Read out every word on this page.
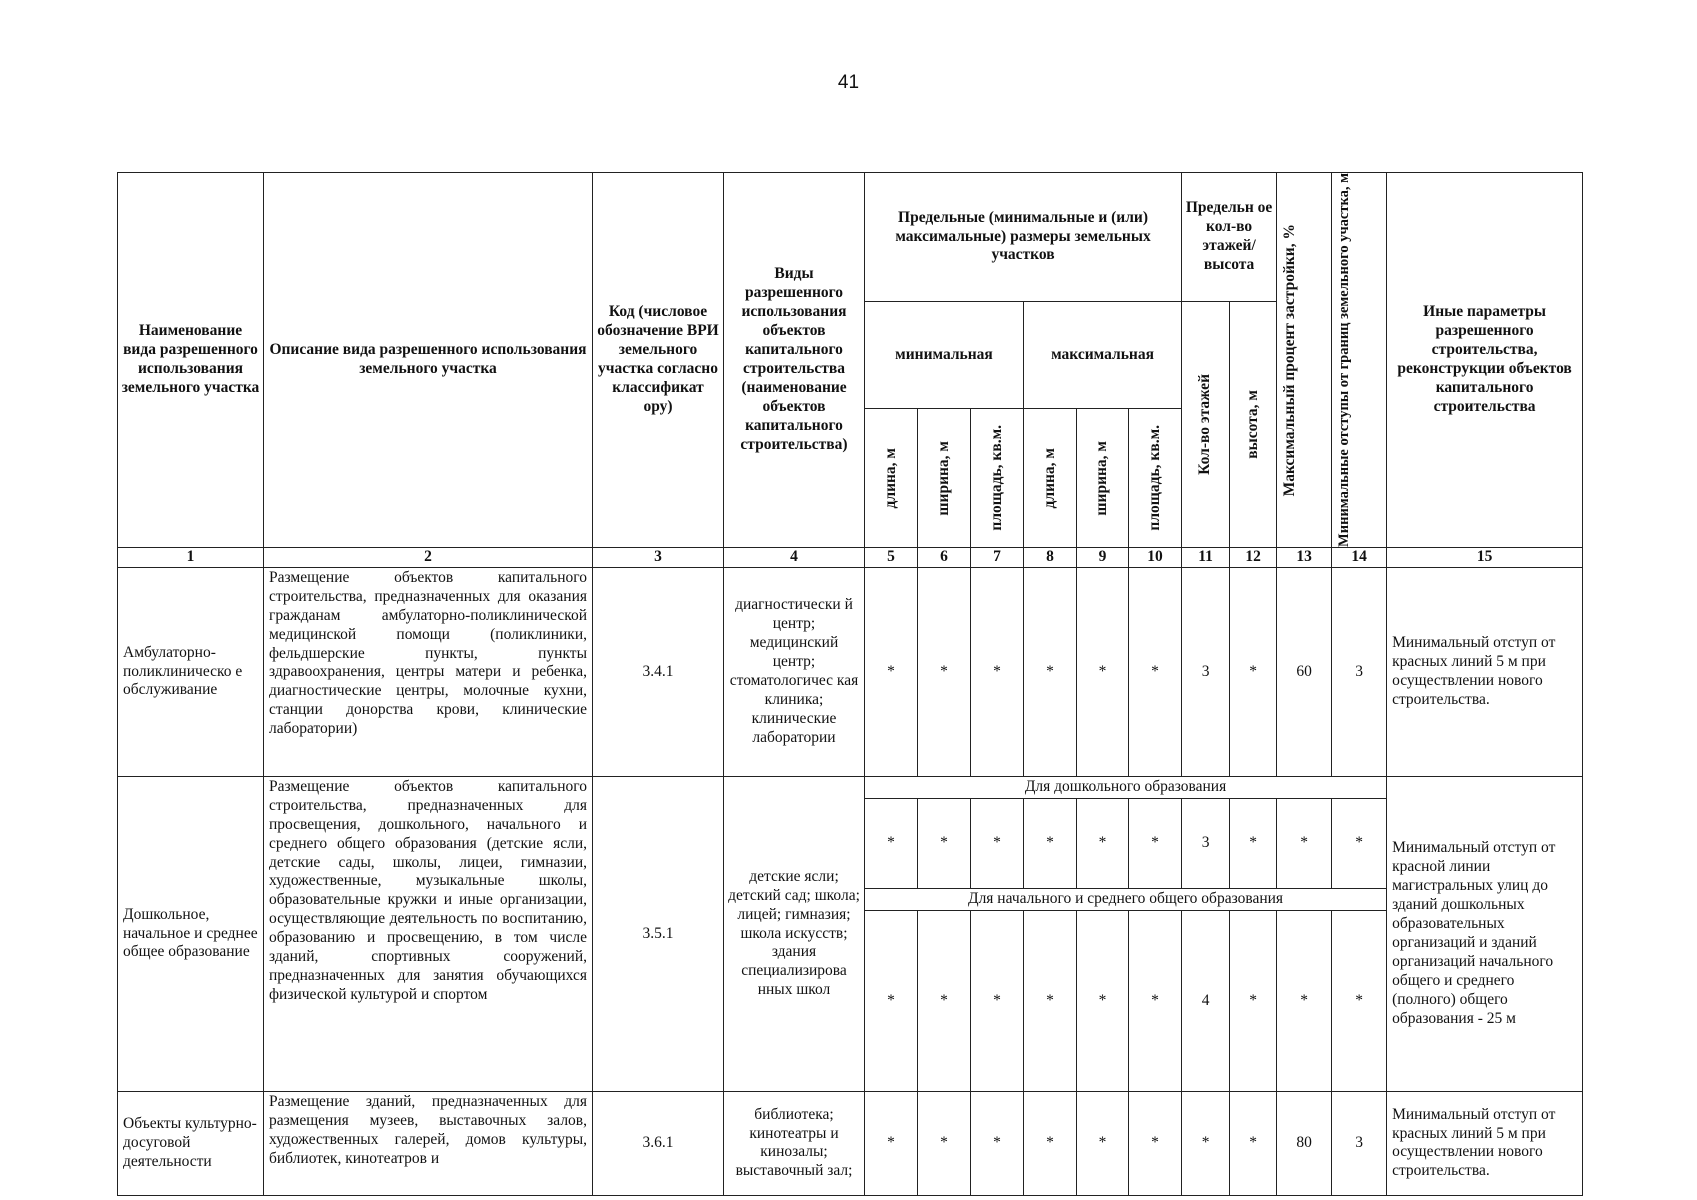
41
Наименование вида разрешенного использования земельного участка	Описание вида разрешенного использования земельного участка	Код (числовое обозначение ВРИ земельного участка согласно классификат ору)	Виды разрешенного использования объектов капитального строительства (наименование объектов капитального строительства)	Предельные (минимальные и (или) максимальные) размеры земельных участков						Предельн ое кол-во этажей/ высота		Максимальный процент застройки, %	Минимальные отступы от границ земельного участка, м	Иные параметры разрешенного строительства, реконструкции объектов капитального строительства
				минимальная			максимальная			Кол-во этажей	высота, м			

				длина, м	ширина, м	площадь, кв.м.	длина, м	ширина, м	площадь, кв.м.					

1	2	3	4	5	6	7	8	9	10	11	12	13	14	15
Амбулаторно-поликлиническо е обслуживание	Размещение объектов капитального строительства, предназначенных для оказания гражданам амбулаторно-поликлинической медицинской помощи (поликлиники, фельдшерские пункты, пункты здравоохранения, центры матери и ребенка, диагностические центры, молочные кухни, станции донорства крови, клинические лаборатории)	3.4.1	диагностически й центр; медицинский центр; стоматологичес кая клиника; клинические лаборатории	*	*	*	*	*	*	3	*	60	3	Минимальный отступ от красных линий 5 м при осуществлении нового строительства.
Дошкольное, начальное и среднее общее образование	Размещение объектов капитального строительства, предназначенных для просвещения, дошкольного, начального и среднего общего образования (детские ясли, детские сады, школы, лицеи, гимназии, художественные, музыкальные школы, образовательные кружки и иные организации, осуществляющие деятельность по воспитанию, образованию и просвещению, в том числе зданий, спортивных сооружений, предназначенных для занятия обучающихся физической культурой и спортом	3.5.1	детские ясли; детский сад; школа; лицей; гимназия; школа искусств; здания специализирова нных школ	Для дошкольного образования										Минимальный отступ от красной линии магистральных улиц до зданий дошкольных образовательных организаций и зданий организаций начального общего и среднего (полного) общего образования - 25 м
				*	*	*	*	*	*	3	*	*	*	
				Для начального и среднего общего образования										
				*	*	*	*	*	*	4	*	*	*	
Объекты культурно-досуговой деятельности	Размещение зданий, предназначенных для размещения музеев, выставочных залов, художественных галерей, домов культуры, библиотек, кинотеатров и	3.6.1	библиотека; кинотеатры и кинозалы; выставочный зал;	*	*	*	*	*	*	*	*	80	3	Минимальный отступ от красных линий 5 м при осуществлении нового строительства.
